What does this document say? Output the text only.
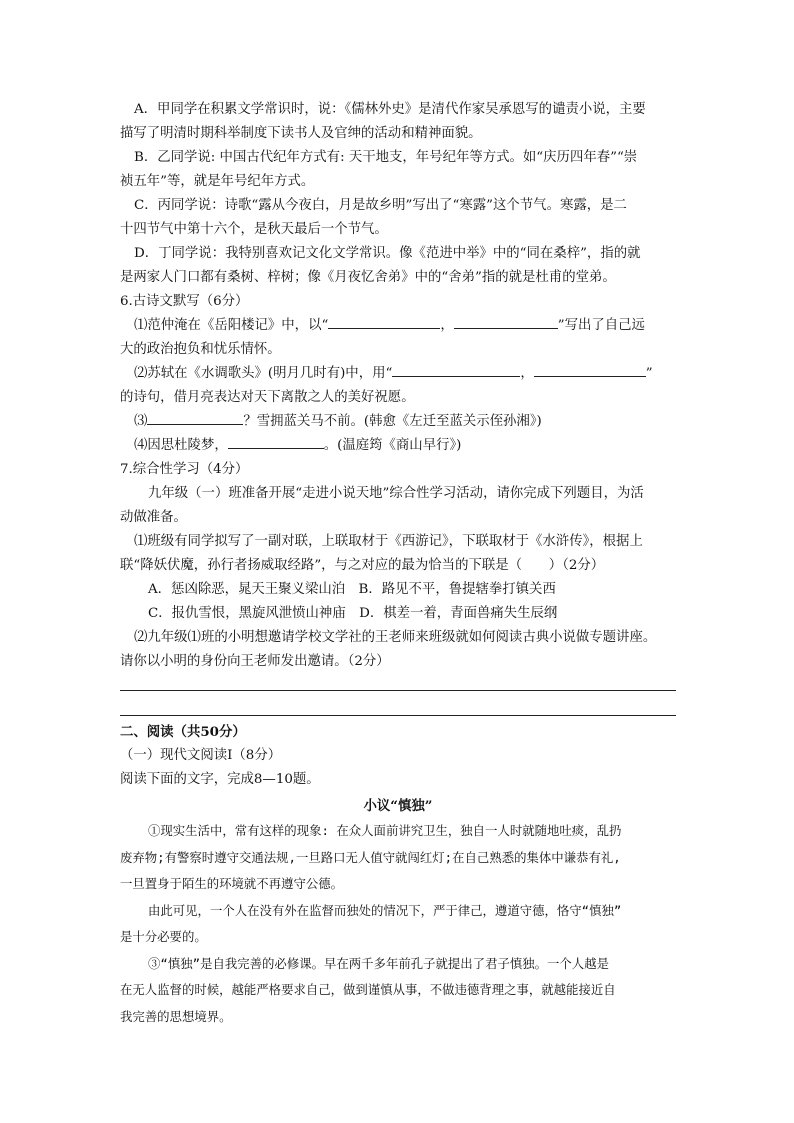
A．甲同学在积累文学常识时，说：《儒林外史》是清代作家吴承恩写的谴责小说，主要

描写了明清时期科举制度下读书人及官绅的活动和精神面貌。

B．乙同学说: 中国古代纪年方式有: 天干地支，年号纪年等方式。如“庆历四年春”“崇

祯五年”等，就是年号纪年方式。

C．丙同学说：诗歌“露从今夜白，月是故乡明”写出了“寒露”这个节气。寒露，是二

十四节气中第十六个，是秋天最后一个节气。

D．丁同学说：我特别喜欢记文化文学常识。像《范进中举》中的“同在桑梓”，指的就

是两家人门口都有桑树、梓树；像《月夜忆舍弟》中的“舍弟”指的就是杜甫的堂弟。

6.古诗文默写（6分）

⑴范仲淹在《岳阳楼记》中，以“	，	”写出了自己远

大的政治抱负和忧乐情怀。

⑵苏轼在《水调歌头》(明月几时有)中，用“	，	”

的诗句，借月亮表达对天下离散之人的美好祝愿。

⑶	？雪拥蓝关马不前。(韩愈《左迁至蓝关示侄孙湘》)

⑷因思杜陵梦，	。(温庭筠《商山早行》)

7.综合性学习（4分）

九年级（一）班准备开展“走进小说天地”综合性学习活动，请你完成下列题目，为活

动做准备。

⑴班级有同学拟写了一副对联，上联取材于《西游记》，下联取材于《水浒传》，根据上

联“降妖伏魔，孙行者扬威取经路”，与之对应的最为恰当的下联是（　　）（2分）

A．惩凶除恶，晁天王聚义梁山泊　B．路见不平，鲁提辖拳打镇关西

C．报仇雪恨，黑旋风泄愤山神庙　D．棋差一着，青面兽痛失生辰纲

⑵九年级⑴班的小明想邀请学校文学社的王老师来班级就如何阅读古典小说做专题讲座。

请你以小明的身份向王老师发出邀请。（2分）

二、阅读（共50分）

（一）现代文阅读I（8分）

阅读下面的文字，完成8—10题。

小议“慎独”

①现实生活中，常有这样的现象: 在众人面前讲究卫生，独自一人时就随地吐痰，乱扔

废弃物;有警察时遵守交通法规,一旦路口无人值守就闯红灯;在自己熟悉的集体中谦恭有礼,

一旦置身于陌生的环境就不再遵守公德。

由此可见，一个人在没有外在监督而独处的情况下，严于律己，遵道守德，恪守“慎独”

是十分必要的。

③“慎独”是自我完善的必修课。早在两千多年前孔子就提出了君子慎独。一个人越是

在无人监督的时候，越能严格要求自己，做到谨慎从事，不做违德背理之事，就越能接近自

我完善的思想境界。
